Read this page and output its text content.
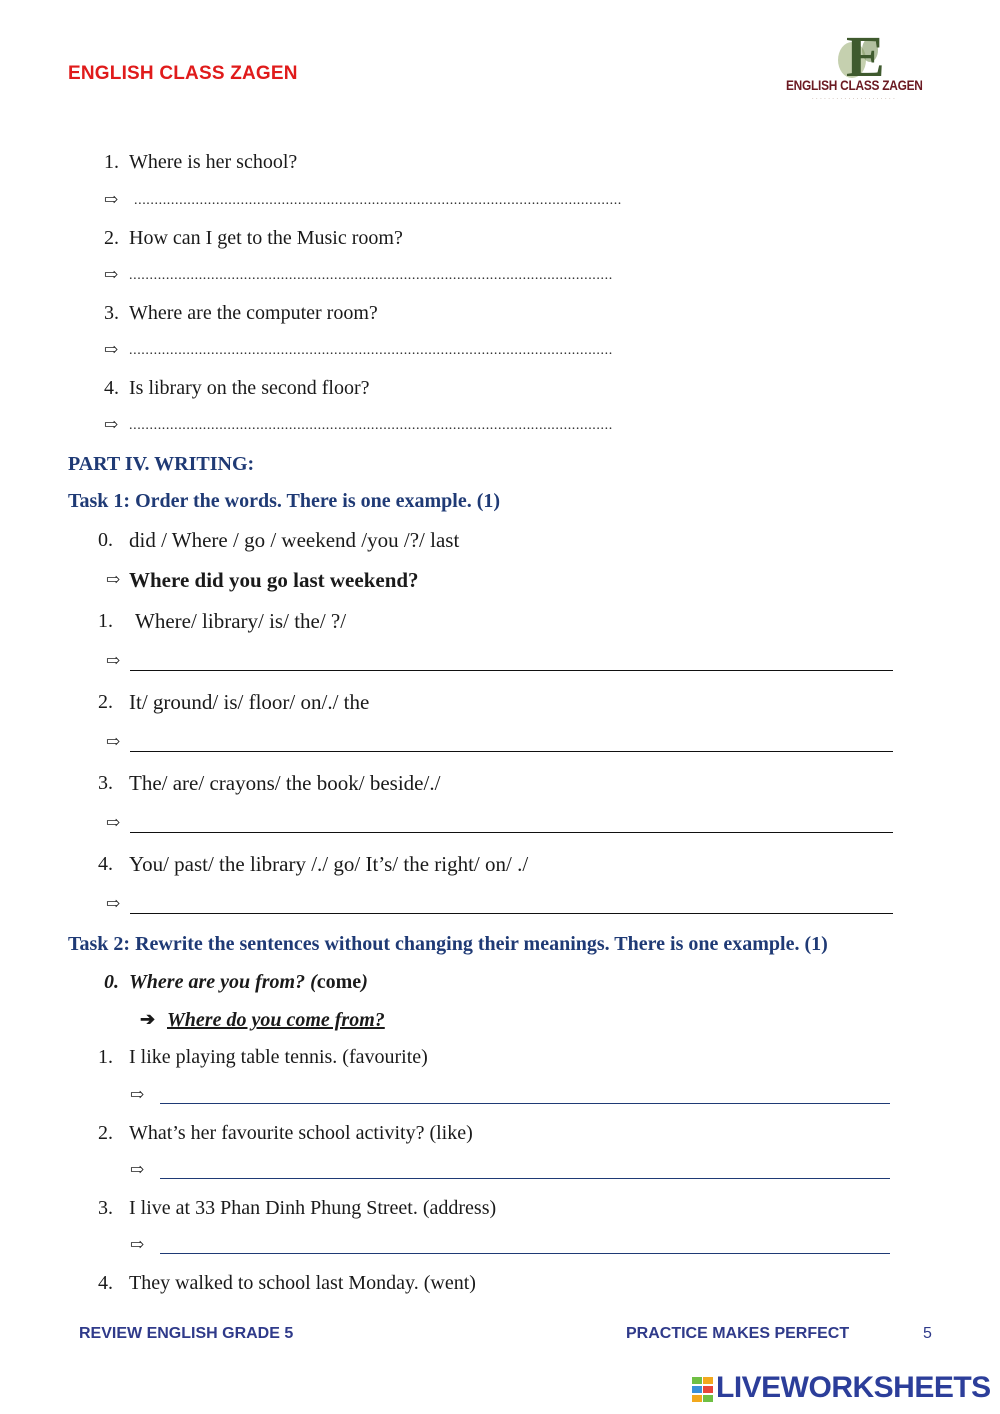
ENGLISH CLASS ZAGEN	E
ENGLISH CLASS ZAGEN
· · · · · · · · · · · · · · · · · · · · ·
1. Where is her school?
⇨ .......................................................................................................................
2. How can I get to the Music room?
⇨ ......................................................................................................................
3. Where are the computer room?
⇨ ......................................................................................................................
4. Is library on the second floor?
⇨ ......................................................................................................................
PART IV. WRITING:
Task 1: Order the words. There is one example. (1)
0. did / Where / go / weekend /you /?/ last
⇨ Where did you go last weekend?
1. Where/ library/ is/ the/ ?/
⇨
2. It/ ground/ is/ floor/ on/./ the
⇨
3. The/ are/ crayons/ the book/ beside/./
⇨
4. You/ past/ the library /./ go/ It’s/ the right/ on/ ./
⇨
Task 2: Rewrite the sentences without changing their meanings. There is one example. (1)
0. Where are you from? (come)
➔ Where do you come from?
1. I like playing table tennis. (favourite)
⇨
2. What’s her favourite school activity? (like)
⇨
3. I live at 33 Phan Dinh Phung Street. (address)
⇨
4. They walked to school last Monday. (went)
REVIEW ENGLISH GRADE 5	PRACTICE MAKES PERFECT	5
LIVEWORKSHEETS
